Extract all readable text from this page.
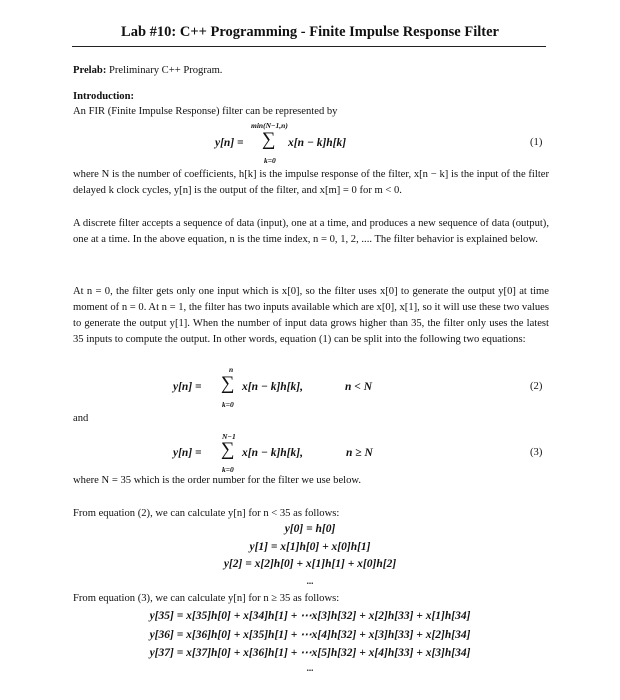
Lab #10: C++ Programming - Finite Impulse Response Filter
Prelab: Preliminary C++ Program.
Introduction:
An FIR (Finite Impulse Response) filter can be represented by
min(N−1,n)
y[n] = ∑ x[n − k]h[k]
k=0
(1)
where N is the number of coefficients, h[k] is the impulse response of the filter, x[n − k] is the input of the filter delayed k clock cycles, y[n] is the output of the filter, and x[m] = 0 for m < 0.
A discrete filter accepts a sequence of data (input), one at a time, and produces a new sequence of data (output), one at a time. In the above equation, n is the time index, n = 0, 1, 2, .... The filter behavior is explained below.
At n = 0, the filter gets only one input which is x[0], so the filter uses x[0] to generate the output y[0] at time moment of n = 0. At n = 1, the filter has two inputs available which are x[0], x[1], so it will use these two values to generate the output y[1]. When the number of input data grows higher than 35, the filter only uses the latest 35 inputs to compute the output. In other words, equation (1) can be split into the following two equations:
n
y[n] = ∑ x[n − k]h[k],	n < N
k=0
(2)
and
N−1
y[n] = ∑ x[n − k]h[k],	n ≥ N
k=0
(3)
where N = 35 which is the order number for the filter we use below.
From equation (2), we can calculate y[n] for n < 35 as follows:
y[0] = h[0]
y[1] = x[1]h[0] + x[0]h[1]
y[2] = x[2]h[0] + x[1]h[1] + x[0]h[2]
...
From equation (3), we can calculate y[n] for n ≥ 35 as follows:
y[35] = x[35]h[0] + x[34]h[1] + ⋯x[3]h[32] + x[2]h[33] + x[1]h[34]
y[36] = x[36]h[0] + x[35]h[1] + ⋯x[4]h[32] + x[3]h[33] + x[2]h[34]
y[37] = x[37]h[0] + x[36]h[1] + ⋯x[5]h[32] + x[4]h[33] + x[3]h[34]
...
